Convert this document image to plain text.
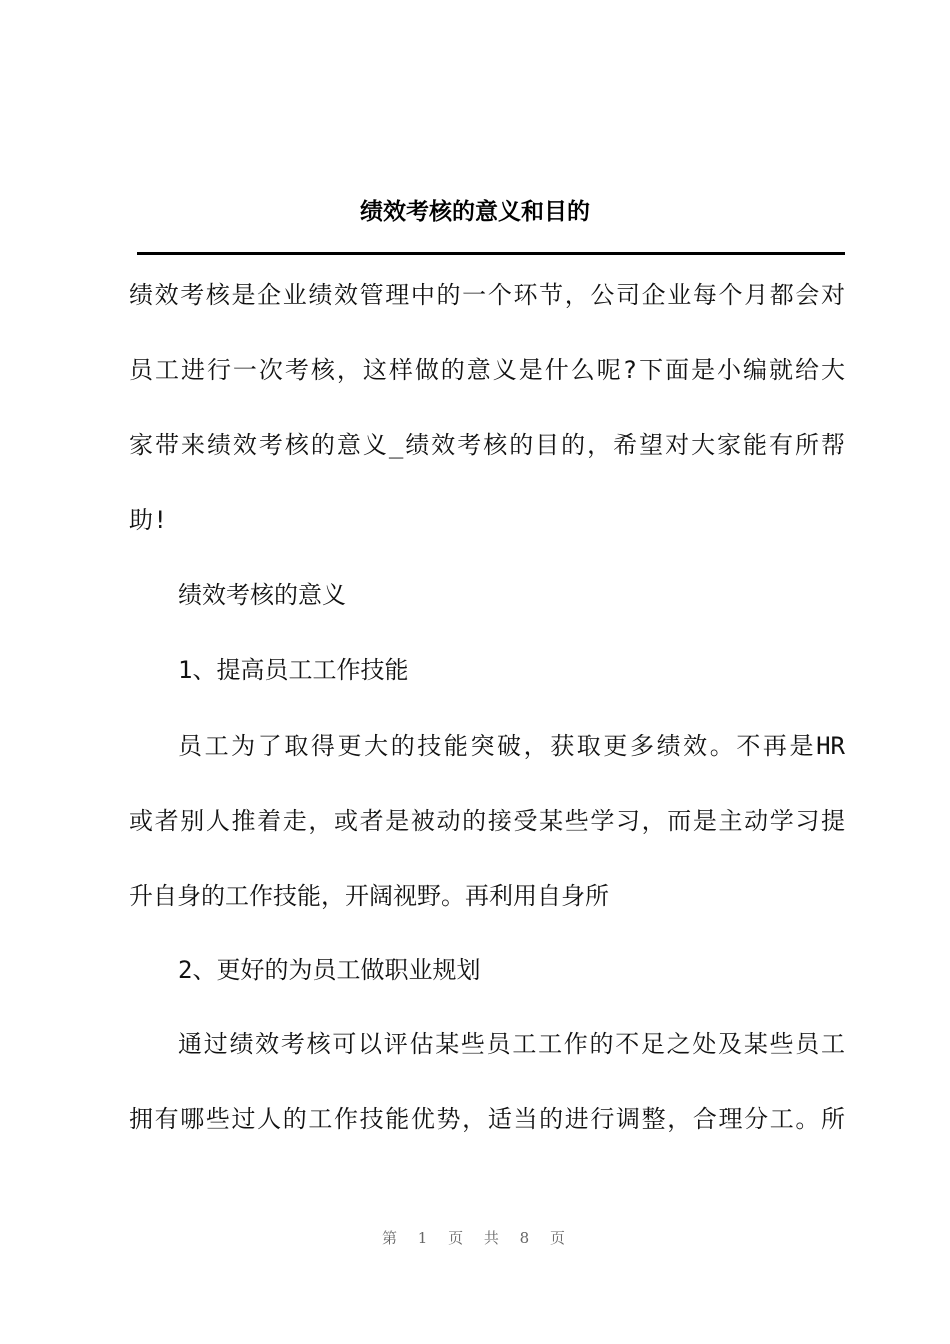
绩效考核的意义和目的
绩效考核是企业绩效管理中的一个环节，公司企业每个月都会对
员工进行一次考核，这样做的意义是什么呢?下面是小编就给大
家带来绩效考核的意义_绩效考核的目的，希望对大家能有所帮
助!
绩效考核的意义
1、提高员工工作技能
员工为了取得更大的技能突破，获取更多绩效。不再是HR
或者别人推着走，或者是被动的接受某些学习，而是主动学习提
升自身的工作技能，开阔视野。再利用自身所
2、更好的为员工做职业规划
通过绩效考核可以评估某些员工工作的不足之处及某些员工
拥有哪些过人的工作技能优势，适当的进行调整，合理分工。所
第 1 页 共 8 页
